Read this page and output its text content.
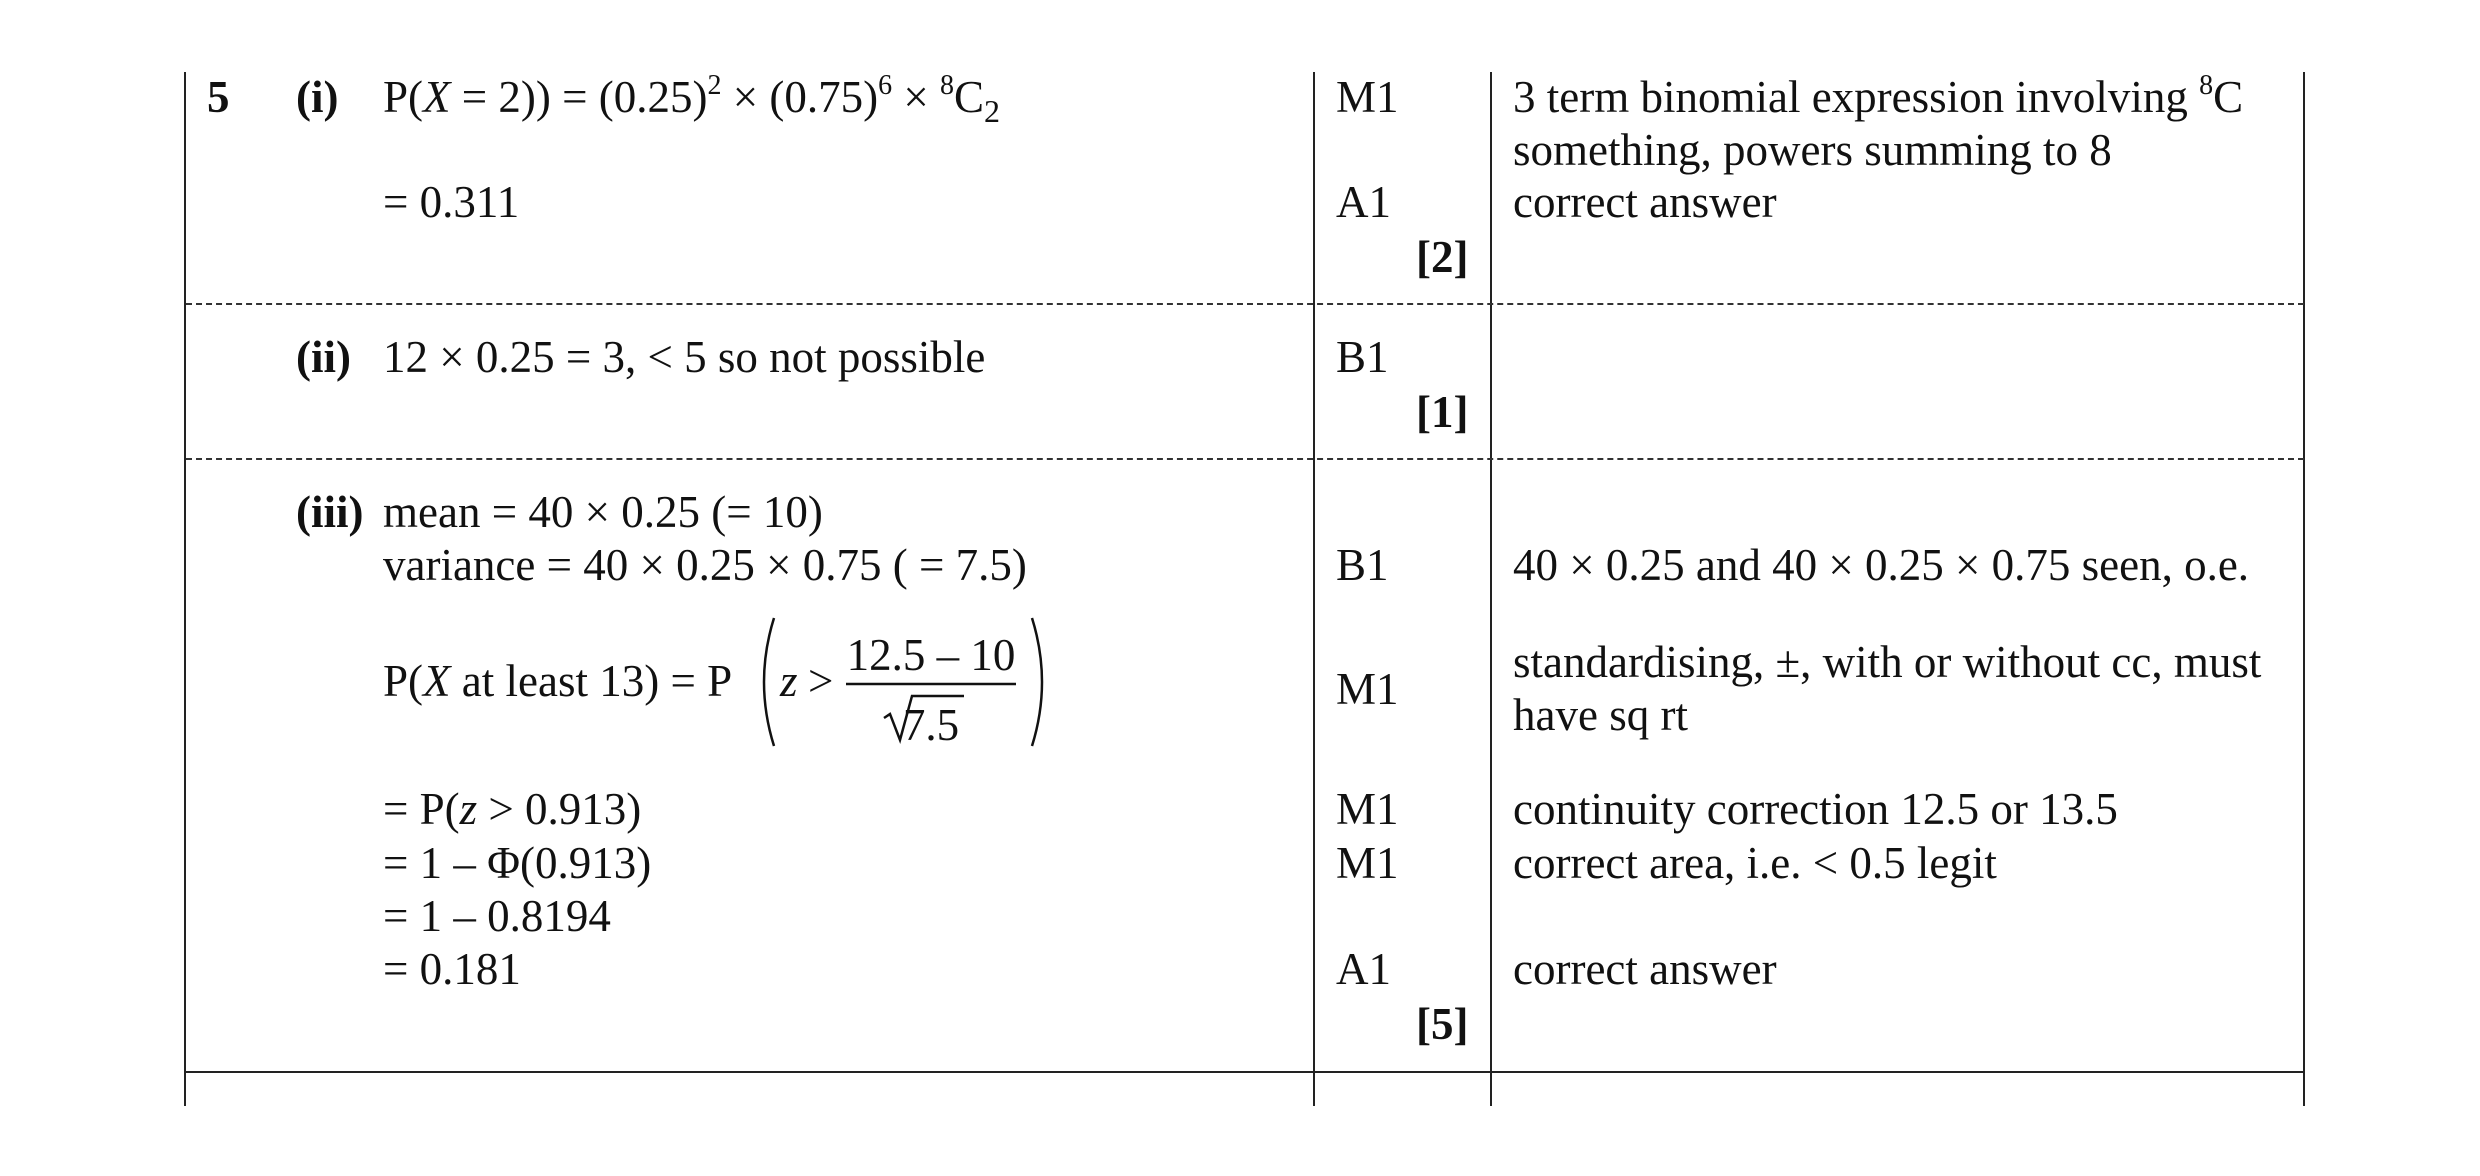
5 (i) $P(X = 2)) = (0.25)^2 \times (0.75)^6 \times ^8C_2$
= 0.311
M1
A1
[2]
3 term binomial expression involving $^8$C
something, powers summing to 8
correct answer
(ii) 12 × 0.25 = 3, < 5 so not possible	B1
[1]
(iii) mean = 40 × 0.25 (= 10)
variance = 40 × 0.25 × 0.75 ( = 7.5)
P(X at least 13) = P z >
12.5 – 10
7.5
= P(z > 0.913)
= 1 – Φ(0.913)
= 1 – 0.8194
= 0.181
B1
M1
M1
M1
A1
[5]
40 × 0.25 and 40 × 0.25 × 0.75 seen, o.e.
standardising, ±, with or without cc, must
have sq rt
continuity correction 12.5 or 13.5
correct area, i.e. < 0.5 legit
correct answer
